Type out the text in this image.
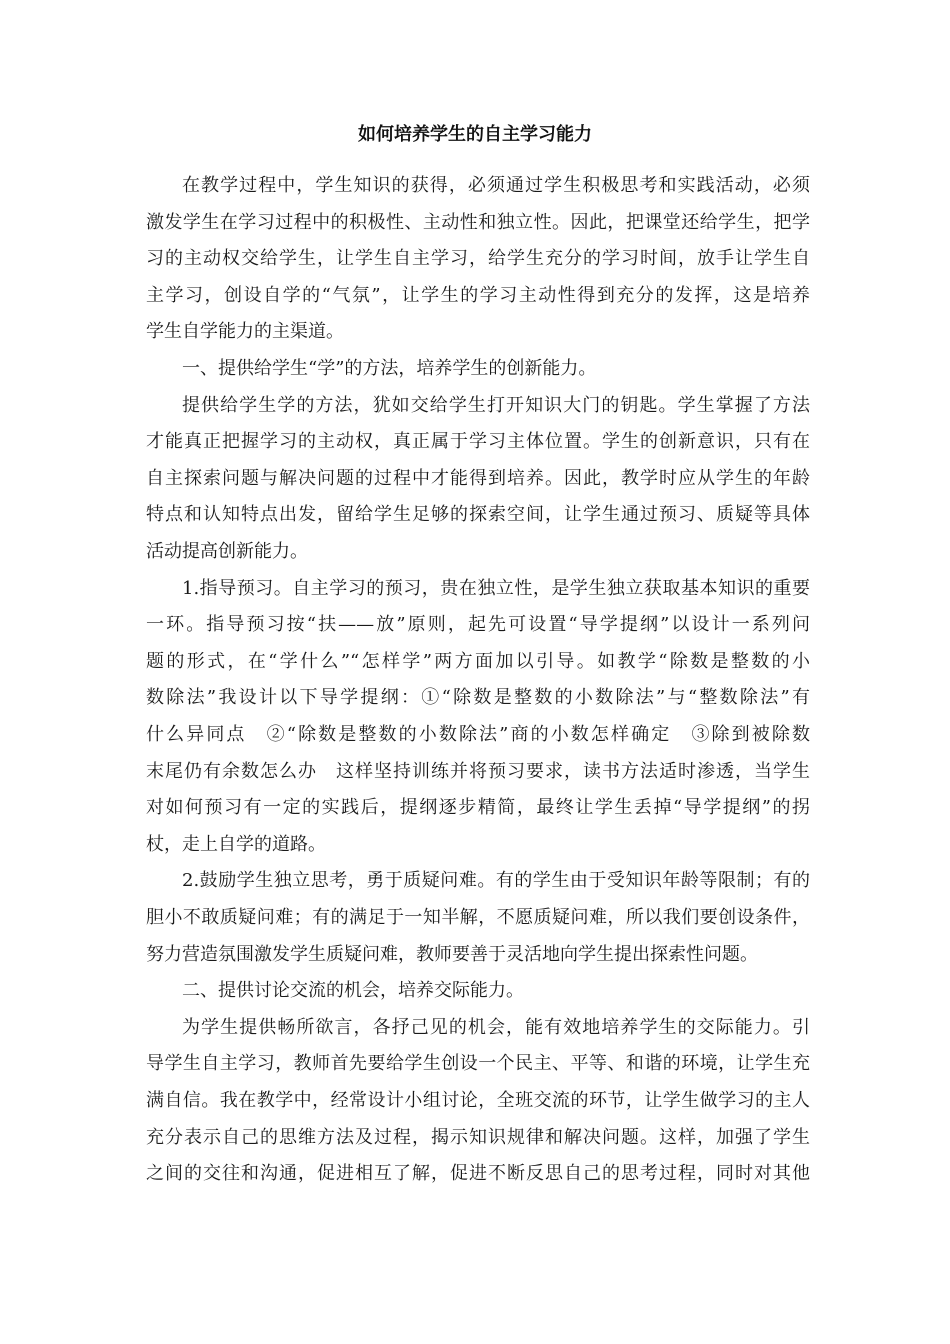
如何培养学生的自主学习能力
在教学过程中，学生知识的获得，必须通过学生积极思考和实践活动，必须
激发学生在学习过程中的积极性、主动性和独立性。因此，把课堂还给学生，把学
习的主动权交给学生，让学生自主学习，给学生充分的学习时间，放手让学生自
主学习，创设自学的“气氛”，让学生的学习主动性得到充分的发挥，这是培养
学生自学能力的主渠道。
一、提供给学生“学”的方法，培养学生的创新能力。
提供给学生学的方法，犹如交给学生打开知识大门的钥匙。学生掌握了方法
才能真正把握学习的主动权，真正属于学习主体位置。学生的创新意识，只有在
自主探索问题与解决问题的过程中才能得到培养。因此，教学时应从学生的年龄
特点和认知特点出发，留给学生足够的探索空间，让学生通过预习、质疑等具体
活动提高创新能力。
1.指导预习。自主学习的预习，贵在独立性，是学生独立获取基本知识的重要
一环。指导预习按“扶——放”原则，起先可设置“导学提纲”以设计一系列问
题的形式，在“学什么”“怎样学”两方面加以引导。如教学“除数是整数的小
数除法”我设计以下导学提纲：①“除数是整数的小数除法”与“整数除法”有
什么异同点　②“除数是整数的小数除法”商的小数怎样确定　③除到被除数
末尾仍有余数怎么办　这样坚持训练并将预习要求，读书方法适时渗透，当学生
对如何预习有一定的实践后，提纲逐步精简，最终让学生丢掉“导学提纲”的拐
杖，走上自学的道路。
2.鼓励学生独立思考，勇于质疑问难。有的学生由于受知识年龄等限制；有的
胆小不敢质疑问难；有的满足于一知半解，不愿质疑问难，所以我们要创设条件，
努力营造氛围激发学生质疑问难，教师要善于灵活地向学生提出探索性问题。
二、提供讨论交流的机会，培养交际能力。
为学生提供畅所欲言，各抒己见的机会，能有效地培养学生的交际能力。引
导学生自主学习，教师首先要给学生创设一个民主、平等、和谐的环境，让学生充
满自信。我在教学中，经常设计小组讨论，全班交流的环节，让学生做学习的主人
充分表示自己的思维方法及过程，揭示知识规律和解决问题。这样，加强了学生
之间的交往和沟通，促进相互了解，促进不断反思自己的思考过程，同时对其他
